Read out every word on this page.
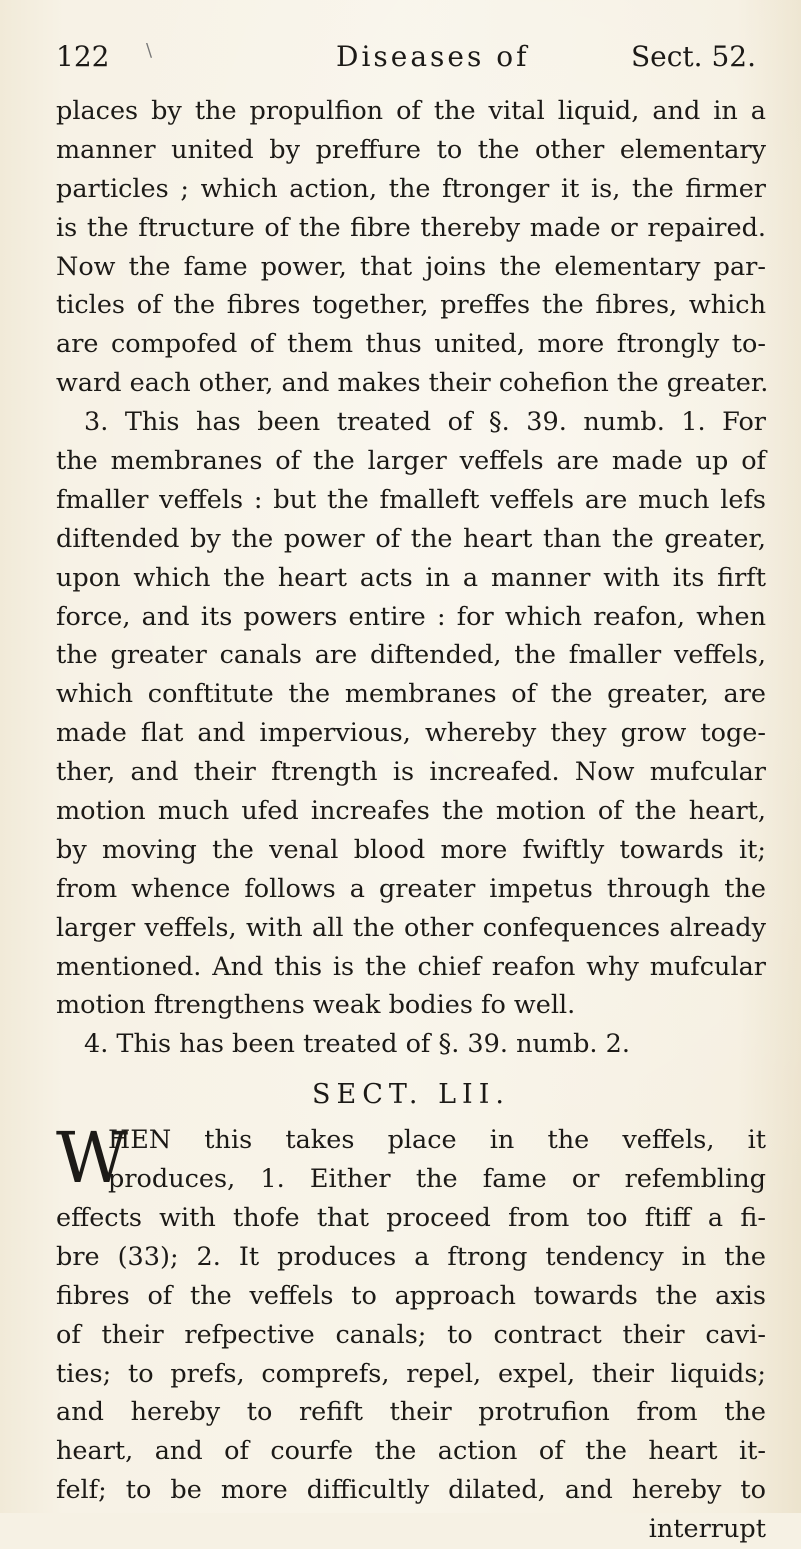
122 \	Diseases of	Sect. 52.
places by the propulfion of the vital liquid, and in a
manner united by preffure to the other elementary
particles ; which action, the ftronger it is, the firmer
is the ftructure of the fibre thereby made or repaired.
Now the fame power, that joins the elementary par-
ticles of the fibres together, preffes the fibres, which
are compofed of them thus united, more ftrongly to-
ward each other, and makes their cohefion the greater.
3. This has been treated of §. 39. numb. 1. For
the membranes of the larger veffels are made up of
fmaller veffels : but the fmalleft veffels are much lefs
diftended by the power of the heart than the greater,
upon which the heart acts in a manner with its firft
force, and its powers entire : for which reafon, when
the greater canals are diftended, the fmaller veffels,
which conftitute the membranes of the greater, are
made flat and impervious, whereby they grow toge-
ther, and their ftrength is increafed. Now mufcular
motion much ufed increafes the motion of the heart,
by moving the venal blood more fwiftly towards it;
from whence follows a greater impetus through the
larger veffels, with all the other confequences already
mentioned. And this is the chief reafon why mufcular
motion ftrengthens weak bodies fo well.
4. This has been treated of §. 39. numb. 2.
SECT. LII.
W
HEN this takes place in the veffels, it
produces, 1. Either the fame or refembling
effects with thofe that proceed from too ftiff a fi-
bre (33); 2. It produces a ftrong tendency in the
fibres of the veffels to approach towards the axis
of their refpective canals; to contract their cavi-
ties; to prefs, comprefs, repel, expel, their liquids;
and hereby to refift their protrufion from the
heart, and of courfe the action of the heart it-
felf; to be more difficultly dilated, and hereby to
interrupt
